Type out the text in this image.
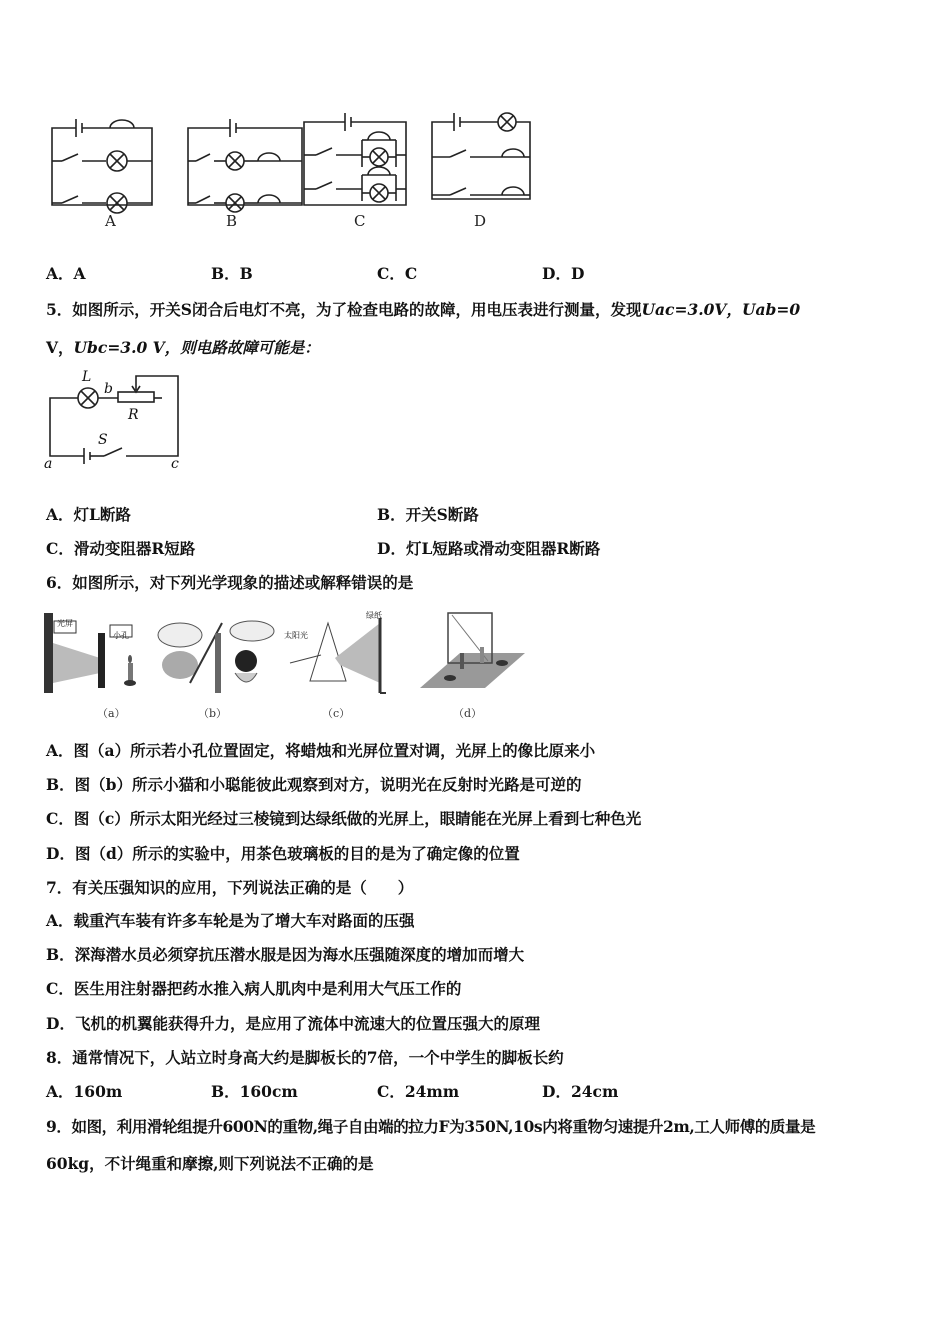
A	B	C	D
A．A	B．B	C．C	D．D
5．如图所示，开关S闭合后电灯不亮，为了检查电路的故障，用电压表进行测量，发现Uac=3.0V，Uab=0
V，Ubc=3.0 V，则电路故障可能是：
L
b
R
S
a	c
A．灯L断路	B．开关S断路
C．滑动变阻器R短路	D．灯L短路或滑动变阻器R断路
6．如图所示，对下列光学现象的描述或解释错误的是
光屏
小孔	太阳光
绿纸
（a）	（b）	（c）	（d）
A．图（a）所示若小孔位置固定，将蜡烛和光屏位置对调，光屏上的像比原来小
B．图（b）所示小猫和小聪能彼此观察到对方，说明光在反射时光路是可逆的
C．图（c）所示太阳光经过三棱镜到达绿纸做的光屏上，眼睛能在光屏上看到七种色光
D．图（d）所示的实验中，用茶色玻璃板的目的是为了确定像的位置
7．有关压强知识的应用，下列说法正确的是（　　）
A．载重汽车装有许多车轮是为了增大车对路面的压强
B．深海潜水员必须穿抗压潜水服是因为海水压强随深度的增加而增大
C．医生用注射器把药水推入病人肌肉中是利用大气压工作的
D．飞机的机翼能获得升力，是应用了流体中流速大的位置压强大的原理
8．通常情况下，人站立时身高大约是脚板长的7倍，一个中学生的脚板长约
A．160m	B．160cm	C．24mm	D．24cm
9．如图，利用滑轮组提升600N的重物,绳子自由端的拉力F为350N,10s内将重物匀速提升2m,工人师傅的质量是
60kg，不计绳重和摩擦,则下列说法不正确的是
